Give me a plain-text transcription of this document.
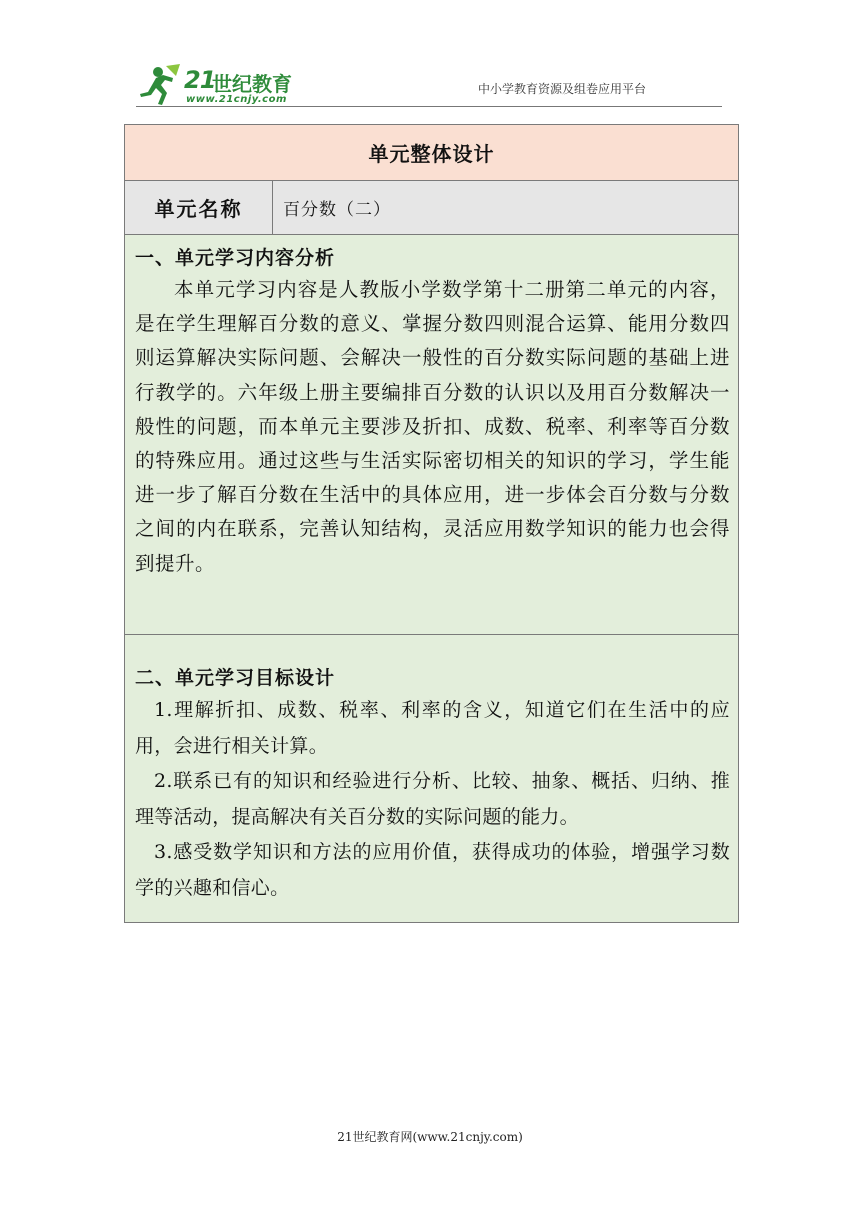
21
世纪教育
www.21cnjy.com
中小学教育资源及组卷应用平台
单元整体设计
单元名称	百分数（二）
一、单元学习内容分析

本单元学习内容是人教版小学数学第十二册第二单元的内容，是在学生理解百分数的意义、掌握分数四则混合运算、能用分数四则运算解决实际问题、会解决一般性的百分数实际问题的基础上进行教学的。六年级上册主要编排百分数的认识以及用百分数解决一般性的问题，而本单元主要涉及折扣、成数、税率、利率等百分数的特殊应用。通过这些与生活实际密切相关的知识的学习，学生能进一步了解百分数在生活中的具体应用，进一步体会百分数与分数之间的内在联系，完善认知结构，灵活应用数学知识的能力也会得到提升。

二、单元学习目标设计

1.理解折扣、成数、税率、利率的含义，知道它们在生活中的应用，会进行相关计算。

2.联系已有的知识和经验进行分析、比较、抽象、概括、归纳、推理等活动，提高解决有关百分数的实际问题的能力。

3.感受数学知识和方法的应用价值，获得成功的体验，增强学习数学的兴趣和信心。

21世纪教育网(www.21cnjy.com)
